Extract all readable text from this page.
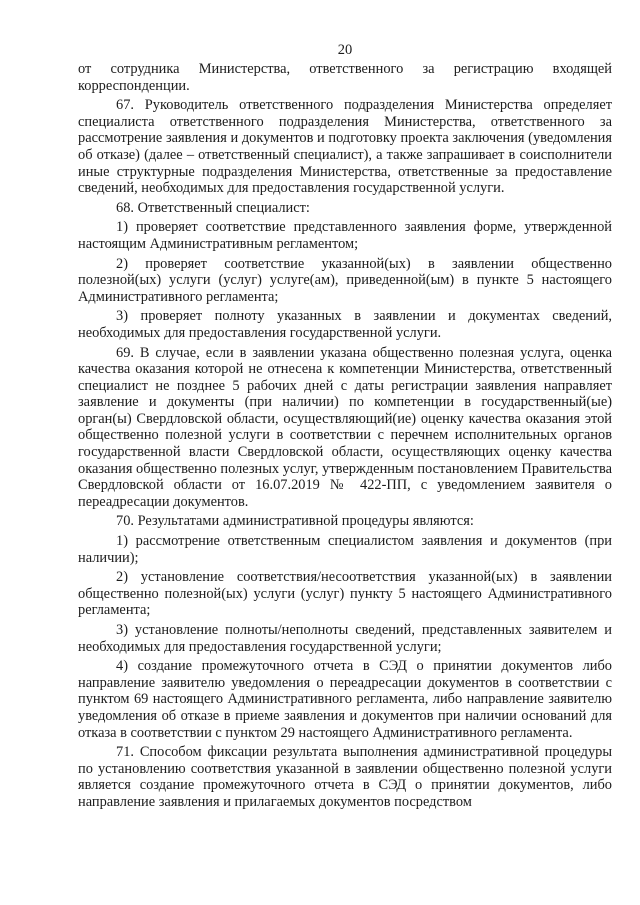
20

от сотрудника Министерства, ответственного за регистрацию входящей корреспонденции.

67. Руководитель ответственного подразделения Министерства определяет специалиста ответственного подразделения Министерства, ответственного за рассмотрение заявления и документов и подготовку проекта заключения (уведомления об отказе) (далее – ответственный специалист), а также запрашивает в соисполнители иные структурные подразделения Министерства, ответственные за предоставление сведений, необходимых для предоставления государственной услуги.

68. Ответственный специалист:

1) проверяет соответствие представленного заявления форме, утвержденной настоящим Административным регламентом;

2) проверяет соответствие указанной(ых) в заявлении общественно полезной(ых) услуги (услуг) услуге(ам), приведенной(ым) в пункте 5 настоящего Административного регламента;

3) проверяет полноту указанных в заявлении и документах сведений, необходимых для предоставления государственной услуги.

69. В случае, если в заявлении указана общественно полезная услуга, оценка качества оказания которой не отнесена к компетенции Министерства, ответственный специалист не позднее 5 рабочих дней с даты регистрации заявления направляет заявление и документы (при наличии) по компетенции в государственный(ые) орган(ы) Свердловской области, осуществляющий(ие) оценку качества оказания этой общественно полезной услуги в соответствии с перечнем исполнительных органов государственной власти Свердловской области, осуществляющих оценку качества оказания общественно полезных услуг, утвержденным постановлением Правительства Свердловской области от 16.07.2019 № 422-ПП, с уведомлением заявителя о переадресации документов.

70. Результатами административной процедуры являются:

1) рассмотрение ответственным специалистом заявления и документов (при наличии);

2) установление соответствия/несоответствия указанной(ых) в заявлении общественно полезной(ых) услуги (услуг) пункту 5 настоящего Административного регламента;

3) установление полноты/неполноты сведений, представленных заявителем и необходимых для предоставления государственной услуги;

4) создание промежуточного отчета в СЭД о принятии документов либо направление заявителю уведомления о переадресации документов в соответствии с пунктом 69 настоящего Административного регламента, либо направление заявителю уведомления об отказе в приеме заявления и документов при наличии оснований для отказа в соответствии с пунктом 29 настоящего Административного регламента.

71. Способом фиксации результата выполнения административной процедуры по установлению соответствия указанной в заявлении общественно полезной услуги является создание промежуточного отчета в СЭД о принятии документов, либо направление заявления и прилагаемых документов посредством
